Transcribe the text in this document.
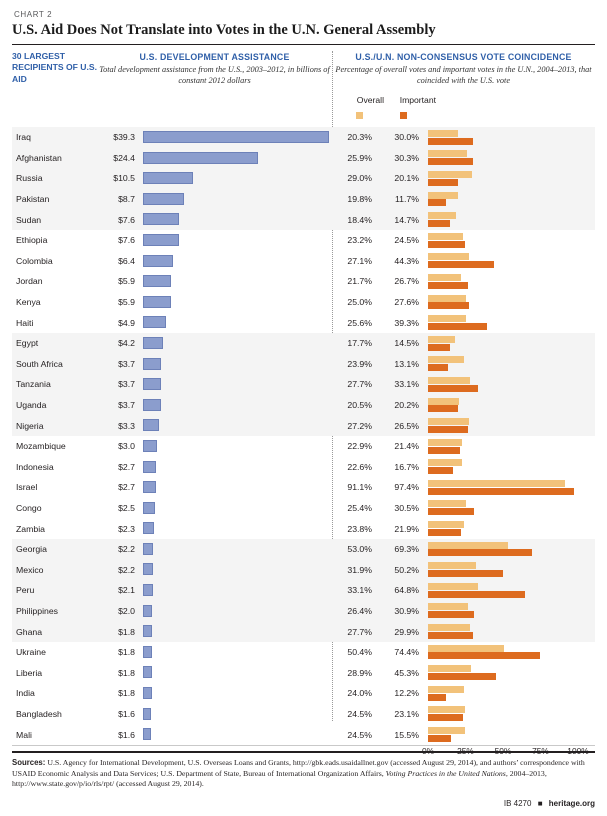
CHART 2
U.S. Aid Does Not Translate into Votes in the U.N. General Assembly
30 LARGEST RECIPIENTS OF U.S. AID
U.S. DEVELOPMENT ASSISTANCE
Total development assistance from the U.S., 2003–2012, in billions of constant 2012 dollars
U.S./U.N. NON-CONSENSUS VOTE COINCIDENCE
Percentage of overall votes and important votes in the U.N., 2004–2013, that coincided with the U.S. vote
Overall	Important
Iraq	$39.3	20.3%	30.0%
Afghanistan	$24.4	25.9%	30.3%
Russia	$10.5	29.0%	20.1%
Pakistan	$8.7	19.8%	11.7%
Sudan	$7.6	18.4%	14.7%
Ethiopia	$7.6	23.2%	24.5%
Colombia	$6.4	27.1%	44.3%
Jordan	$5.9	21.7%	26.7%
Kenya	$5.9	25.0%	27.6%
Haiti	$4.9	25.6%	39.3%
Egypt	$4.2	17.7%	14.5%
South Africa	$3.7	23.9%	13.1%
Tanzania	$3.7	27.7%	33.1%
Uganda	$3.7	20.5%	20.2%
Nigeria	$3.3	27.2%	26.5%
Mozambique	$3.0	22.9%	21.4%
Indonesia	$2.7	22.6%	16.7%
Israel	$2.7	91.1%	97.4%
Congo	$2.5	25.4%	30.5%
Zambia	$2.3	23.8%	21.9%
Georgia	$2.2	53.0%	69.3%
Mexico	$2.2	31.9%	50.2%
Peru	$2.1	33.1%	64.8%
Philippines	$2.0	26.4%	30.9%
Ghana	$1.8	27.7%	29.9%
Ukraine	$1.8	50.4%	74.4%
Liberia	$1.8	28.9%	45.3%
India	$1.8	24.0%	12.2%
Bangladesh	$1.6	24.5%	23.1%
Mali	$1.6	24.5%	15.5%
Sources: U.S. Agency for International Development, U.S. Overseas Loans and Grants, http://gbk.eads.usaidallnet.gov (accessed August 29, 2014), and authors’ correspondence with USAID Economic Analysis and Data Services; U.S. Department of State, Bureau of International Organization Affairs, Voting Practices in the United Nations, 2004–2013, http://www.state.gov/p/io/rls/rpt/ (accessed August 29, 2014).
IB 4270 ■ heritage.org
